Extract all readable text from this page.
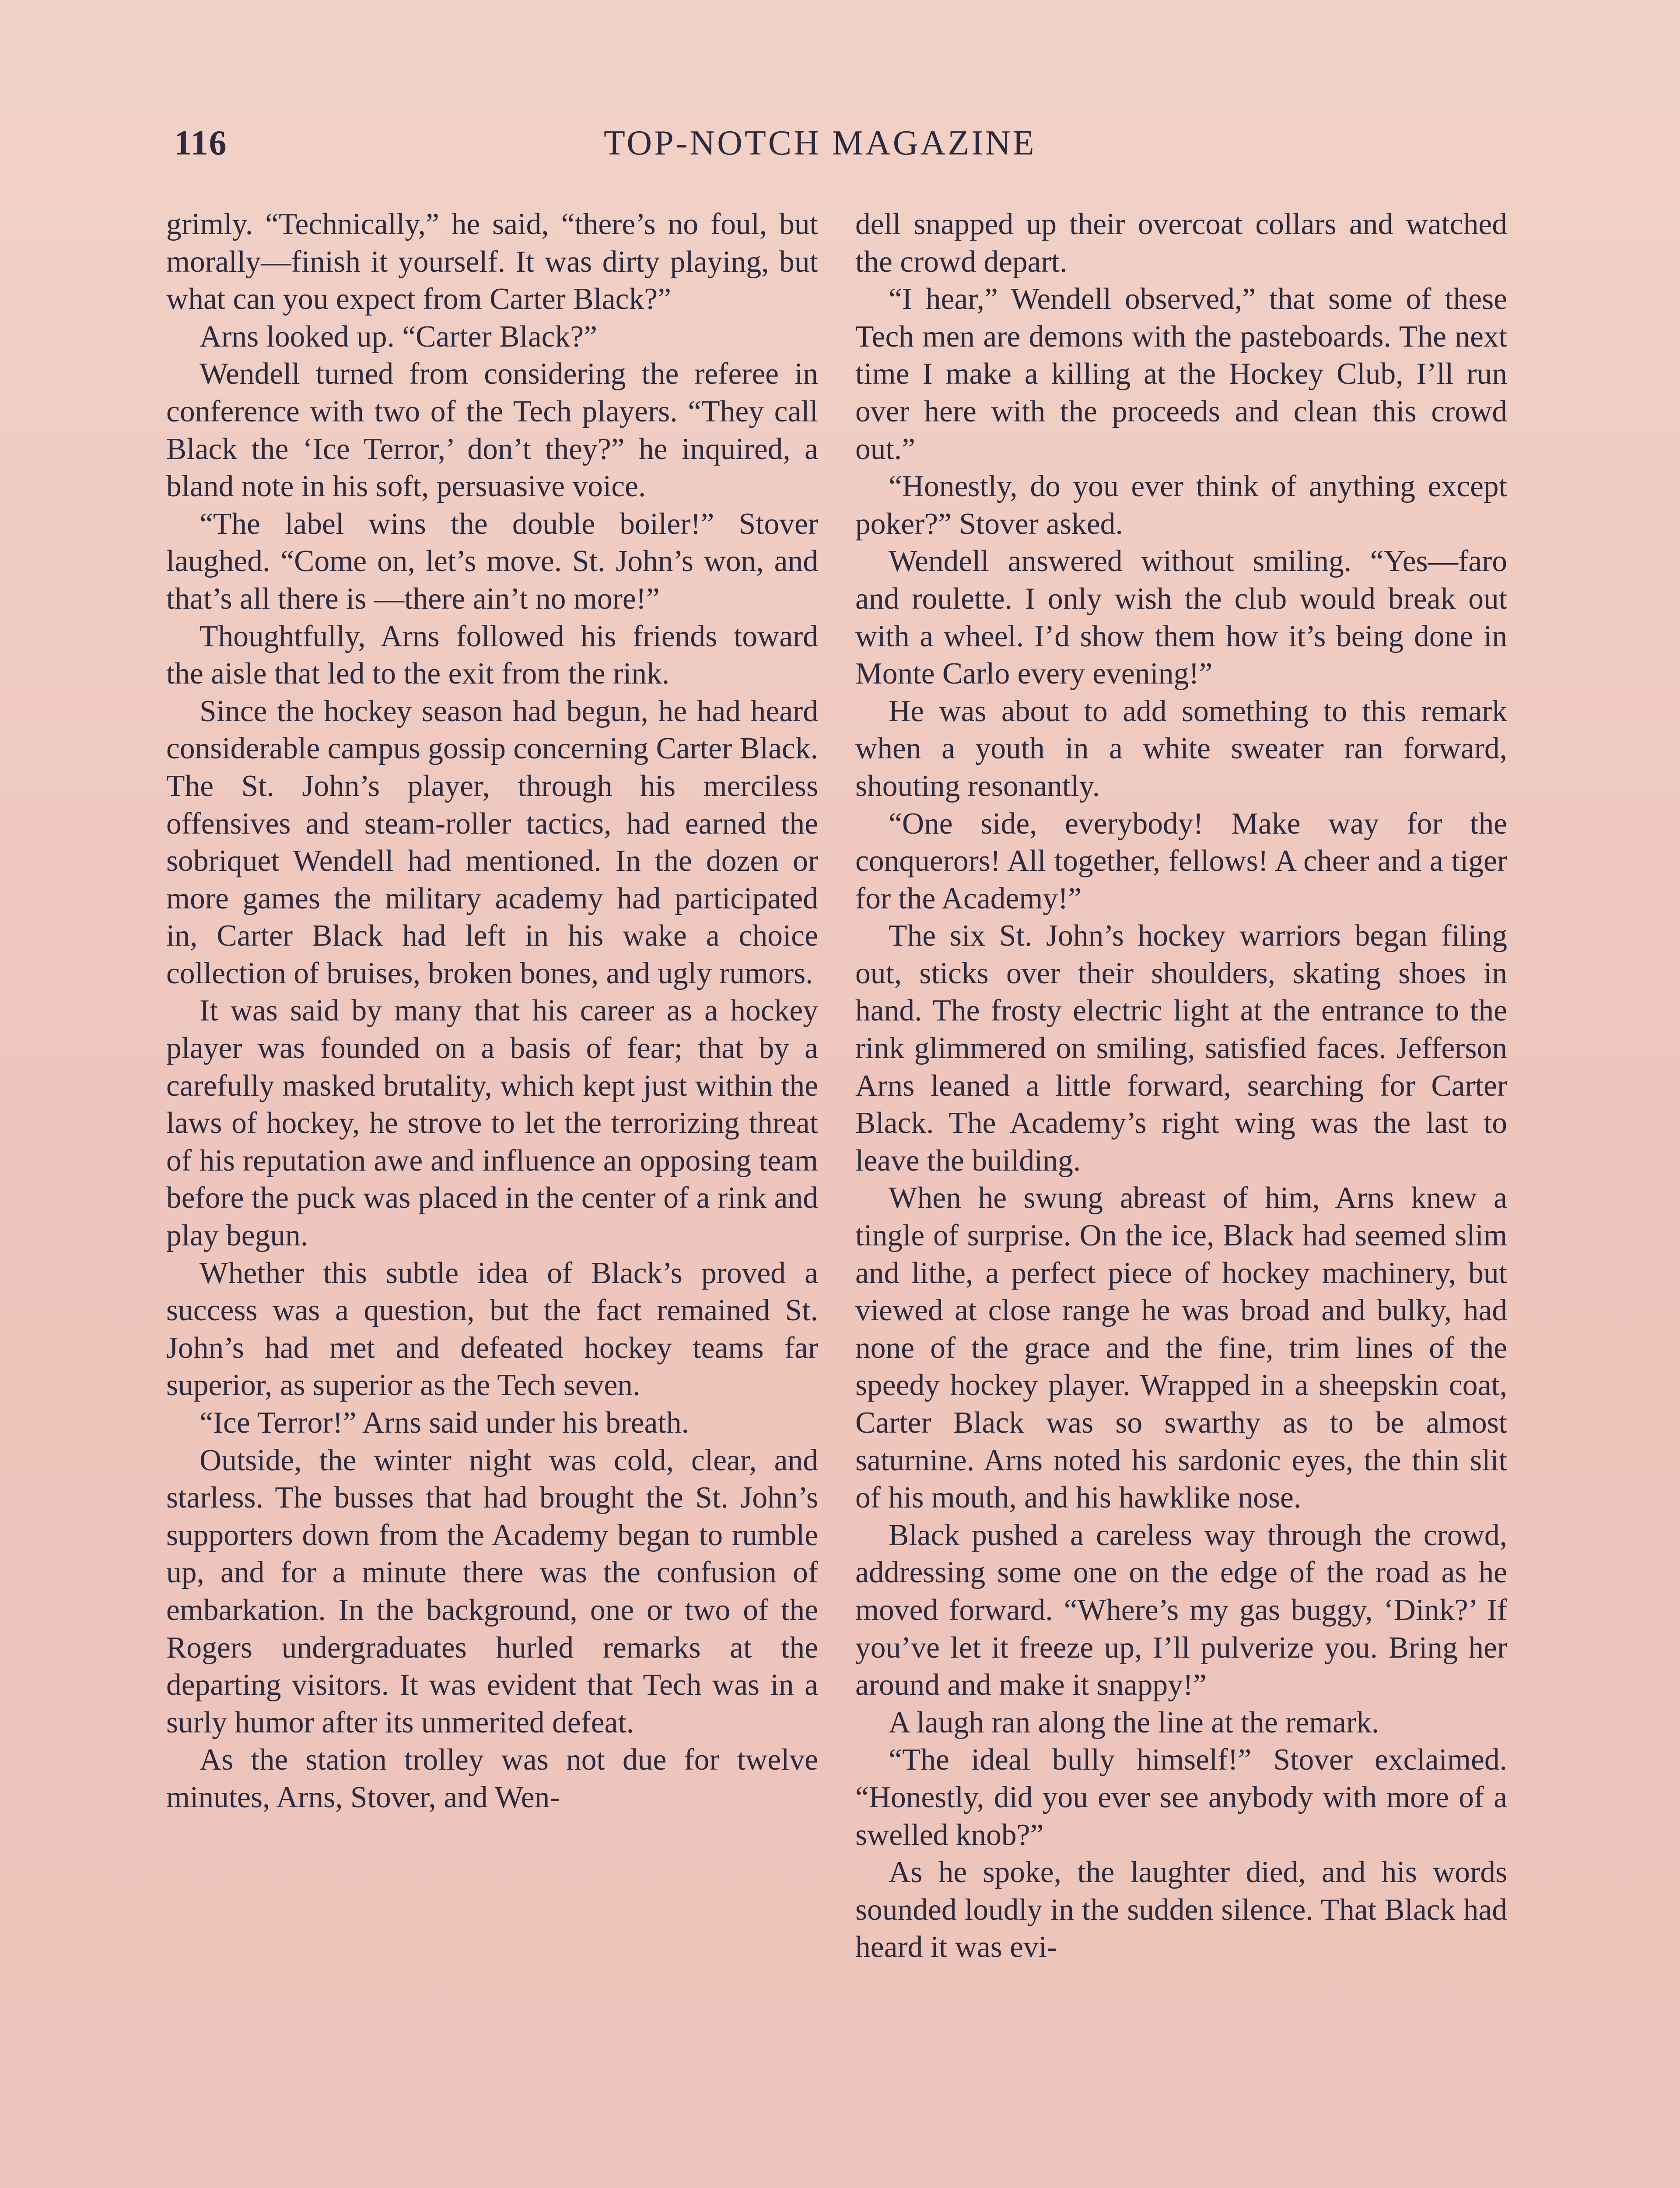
116	TOP-NOTCH MAGAZINE

grimly. “Technically,” he said, “there’s no foul, but morally—finish it yourself. It was dirty playing, but what can you expect from Carter Black?”

Arns looked up. “Carter Black?”

Wendell turned from considering the referee in conference with two of the Tech players. “They call Black the ‘Ice Terror,’ don’t they?” he inquired, a bland note in his soft, persuasive voice.

“The label wins the double boiler!” Stover laughed. “Come on, let’s move. St. John’s won, and that’s all there is —there ain’t no more!”

Thoughtfully, Arns followed his friends toward the aisle that led to the exit from the rink.

Since the hockey season had begun, he had heard considerable campus gossip concerning Carter Black. The St. John’s player, through his merciless offensives and steam-roller tactics, had earned the sobriquet Wendell had mentioned. In the dozen or more games the military academy had participated in, Carter Black had left in his wake a choice collection of bruises, broken bones, and ugly rumors.

It was said by many that his career as a hockey player was founded on a basis of fear; that by a carefully masked brutality, which kept just within the laws of hockey, he strove to let the terrorizing threat of his reputation awe and influence an opposing team before the puck was placed in the center of a rink and play begun.

Whether this subtle idea of Black’s proved a success was a question, but the fact remained St. John’s had met and defeated hockey teams far superior, as superior as the Tech seven.

“Ice Terror!” Arns said under his breath.

Outside, the winter night was cold, clear, and starless. The busses that had brought the St. John’s supporters down from the Academy began to rumble up, and for a minute there was the confusion of embarkation. In the background, one or two of the Rogers undergraduates hurled remarks at the departing visitors. It was evident that Tech was in a surly humor after its unmerited defeat.

As the station trolley was not due for twelve minutes, Arns, Stover, and Wen-

dell snapped up their overcoat collars and watched the crowd depart.

“I hear,” Wendell observed,” that some of these Tech men are demons with the pasteboards. The next time I make a killing at the Hockey Club, I’ll run over here with the proceeds and clean this crowd out.”

“Honestly, do you ever think of anything except poker?” Stover asked.

Wendell answered without smiling. “Yes—faro and roulette. I only wish the club would break out with a wheel. I’d show them how it’s being done in Monte Carlo every evening!”

He was about to add something to this remark when a youth in a white sweater ran forward, shouting resonantly.

“One side, everybody! Make way for the conquerors! All together, fellows! A cheer and a tiger for the Academy!”

The six St. John’s hockey warriors began filing out, sticks over their shoulders, skating shoes in hand. The frosty electric light at the entrance to the rink glimmered on smiling, satisfied faces. Jefferson Arns leaned a little forward, searching for Carter Black. The Academy’s right wing was the last to leave the building.

When he swung abreast of him, Arns knew a tingle of surprise. On the ice, Black had seemed slim and lithe, a perfect piece of hockey machinery, but viewed at close range he was broad and bulky, had none of the grace and the fine, trim lines of the speedy hockey player. Wrapped in a sheepskin coat, Carter Black was so swarthy as to be almost saturnine. Arns noted his sardonic eyes, the thin slit of his mouth, and his hawklike nose.

Black pushed a careless way through the crowd, addressing some one on the edge of the road as he moved forward. “Where’s my gas buggy, ‘Dink?’ If you’ve let it freeze up, I’ll pulverize you. Bring her around and make it snappy!”

A laugh ran along the line at the remark.

“The ideal bully himself!” Stover exclaimed. “Honestly, did you ever see anybody with more of a swelled knob?”

As he spoke, the laughter died, and his words sounded loudly in the sudden silence. That Black had heard it was evi-
